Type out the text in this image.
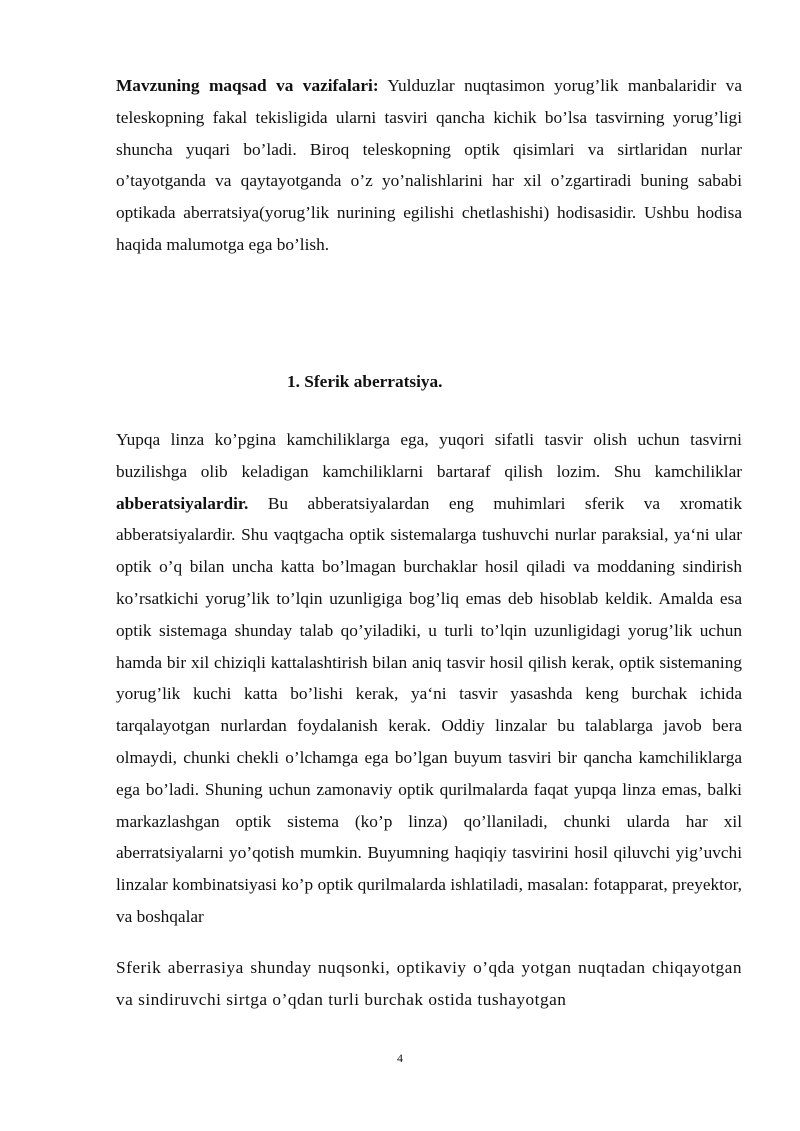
Mavzuning maqsad va vazifalari: Yulduzlar nuqtasimon yorug’lik manbalaridir va teleskopning fakal tekisligida ularni tasviri qancha kichik bo’lsa tasvirning yorug’ligi shuncha yuqari bo’ladi. Biroq teleskopning optik qisimlari va sirtlaridan nurlar o’tayotganda va qaytayotganda o’z yo’nalishlarini har xil o’zgartiradi buning sababi optikada aberratsiya(yorug’lik nurining egilishi chetlashishi) hodisasidir. Ushbu hodisa haqida malumotga ega bo’lish.

1. Sferik aberratsiya.

Yupqa linza ko’pgina kamchiliklarga ega, yuqori sifatli tasvir olish uchun tasvirni buzilishga olib keladigan kamchiliklarni bartaraf qilish lozim. Shu kamchiliklar abberatsiyalardir. Bu abberatsiyalardan eng muhimlari sferik va xromatik abberatsiyalardir. Shu vaqtgacha optik sistemalarga tushuvchi nurlar paraksial, ya‘ni ular optik o’q bilan uncha katta bo’lmagan burchaklar hosil qiladi va moddaning sindirish ko’rsatkichi yorug’lik to’lqin uzunligiga bog’liq emas deb hisoblab keldik. Amalda esa optik sistemaga shunday talab qo’yiladiki, u turli to’lqin uzunligidagi yorug’lik uchun hamda bir xil chiziqli kattalashtirish bilan aniq tasvir hosil qilish kerak, optik sistemaning yorug’lik kuchi katta bo’lishi kerak, ya‘ni tasvir yasashda keng burchak ichida tarqalayotgan nurlardan foydalanish kerak. Oddiy linzalar bu talablarga javob bera olmaydi, chunki chekli o’lchamga ega bo’lgan buyum tasviri bir qancha kamchiliklarga ega bo’ladi. Shuning uchun zamonaviy optik qurilmalarda faqat yupqa linza emas, balki markazlashgan optik sistema (ko’p linza) qo’llaniladi, chunki ularda har xil aberratsiyalarni yo’qotish mumkin. Buyumning haqiqiy tasvirini hosil qiluvchi yig’uvchi linzalar kombinatsiyasi ko’p optik qurilmalarda ishlatiladi, masalan: fotapparat, preyektor, va boshqalar

Sferik aberrasiya shunday nuqsonki, optikaviy o’qda yotgan nuqtadan chiqayotgan va sindiruvchi sirtga o’qdan turli burchak ostida tushayotgan

4
